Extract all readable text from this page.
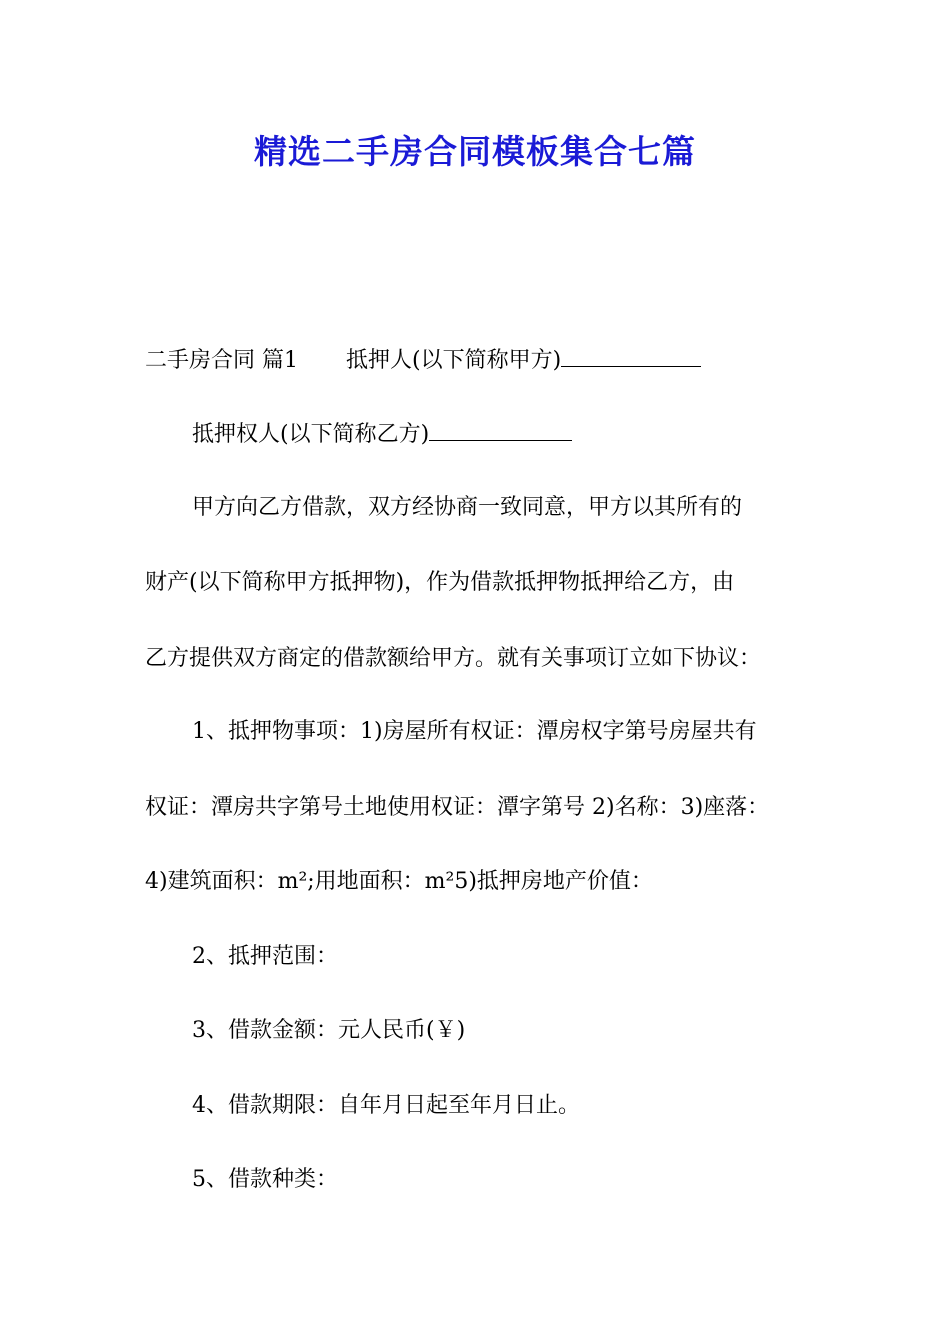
精选二手房合同模板集合七篇
二手房合同 篇1 抵押人(以下简称甲方)
抵押权人(以下简称乙方)
甲方向乙方借款，双方经协商一致同意，甲方以其所有的
财产(以下简称甲方抵押物)，作为借款抵押物抵押给乙方，由
乙方提供双方商定的借款额给甲方。就有关事项订立如下协议：
1、抵押物事项：1)房屋所有权证：潭房权字第号房屋共有
权证：潭房共字第号土地使用权证：潭字第号 2)名称：3)座落：
4)建筑面积：m²;用地面积：m²5)抵押房地产价值：
2、抵押范围：
3、借款金额：元人民币(￥)
4、借款期限：自年月日起至年月日止。
5、借款种类：
